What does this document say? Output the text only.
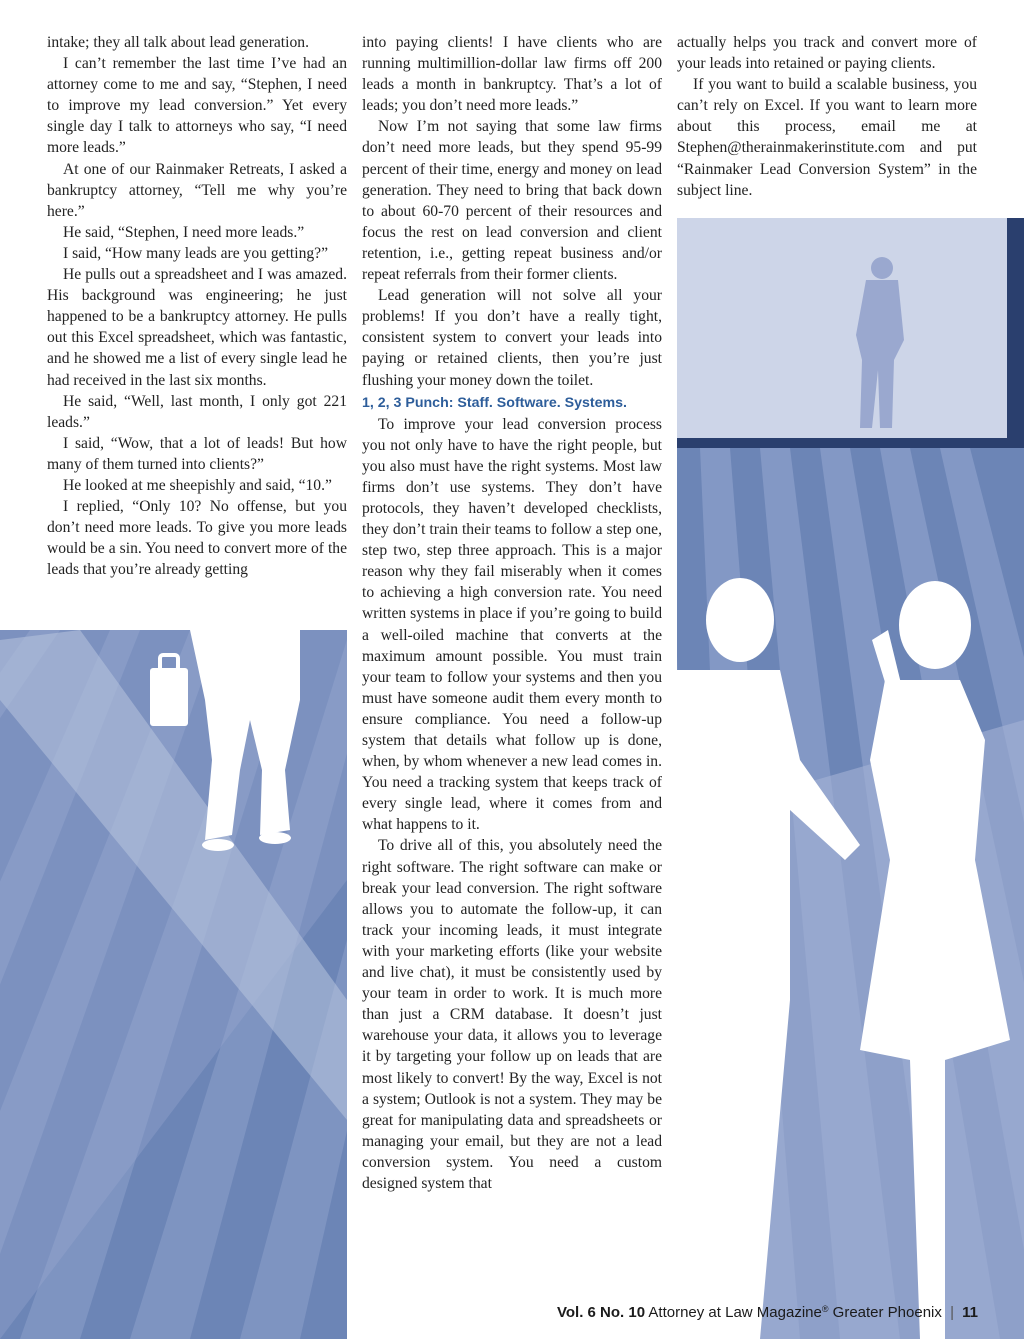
intake; they all talk about lead generation.

I can’t remember the last time I’ve had an attorney come to me and say, “Stephen, I need to improve my lead conversion.” Yet every single day I talk to attorneys who say, “I need more leads.”

At one of our Rainmaker Retreats, I asked a bankruptcy attorney, “Tell me why you’re here.”

He said, “Stephen, I need more leads.”

I said, “How many leads are you getting?”

He pulls out a spreadsheet and I was amazed. His background was engineering; he just happened to be a bankruptcy attorney. He pulls out this Excel spreadsheet, which was fantastic, and he showed me a list of every single lead he had received in the last six months.

He said, “Well, last month, I only got 221 leads.”

I said, “Wow, that a lot of leads! But how many of them turned into clients?”

He looked at me sheepishly and said, “10.”

I replied, “Only 10? No offense, but you don’t need more leads. To give you more leads would be a sin. You need to convert more of the leads that you’re already getting

into paying clients! I have clients who are running multimillion-dollar law firms off 200 leads a month in bankruptcy. That’s a lot of leads; you don’t need more leads.”

Now I’m not saying that some law firms don’t need more leads, but they spend 95-99 percent of their time, energy and money on lead generation. They need to bring that back down to about 60-70 percent of their resources and focus the rest on lead conversion and client retention, i.e., getting repeat business and/or repeat referrals from their former clients.

Lead generation will not solve all your problems! If you don’t have a really tight, consistent system to convert your leads into paying or retained clients, then you’re just flushing your money down the toilet.

1, 2, 3 Punch: Staff. Software. Systems.

To improve your lead conversion process you not only have to have the right people, but you also must have the right systems. Most law firms don’t use systems. They don’t have protocols, they haven’t developed checklists, they don’t train their teams to follow a step one, step two, step three approach. This is a major reason why they fail miserably when it comes to achieving a high conversion rate. You need written systems in place if you’re going to build a well-oiled machine that converts at the maximum amount possible. You must train your team to follow your systems and then you must have someone audit them every month to ensure compliance. You need a follow-up system that details what follow up is done, when, by whom whenever a new lead comes in. You need a tracking system that keeps track of every single lead, where it comes from and what happens to it.

To drive all of this, you absolutely need the right software. The right software can make or break your lead conversion. The right software allows you to automate the follow-up, it can track your incoming leads, it must integrate with your marketing efforts (like your website and live chat), it must be consistently used by your team in order to work. It is much more than just a CRM database. It doesn’t just warehouse your data, it allows you to leverage it by targeting your follow up on leads that are most likely to convert! By the way, Excel is not a system; Outlook is not a system. They may be great for manipulating data and spreadsheets or managing your email, but they are not a lead conversion system. You need a custom designed system that

actually helps you track and convert more of your leads into retained or paying clients.

If you want to build a scalable business, you can’t rely on Excel. If you want to learn more about this process, email me at Stephen@therainmakerinstitute.com and put “Rainmaker Lead Conversion System” in the subject line.

Vol. 6 No. 10 Attorney at Law Magazine® Greater Phoenix | 11
